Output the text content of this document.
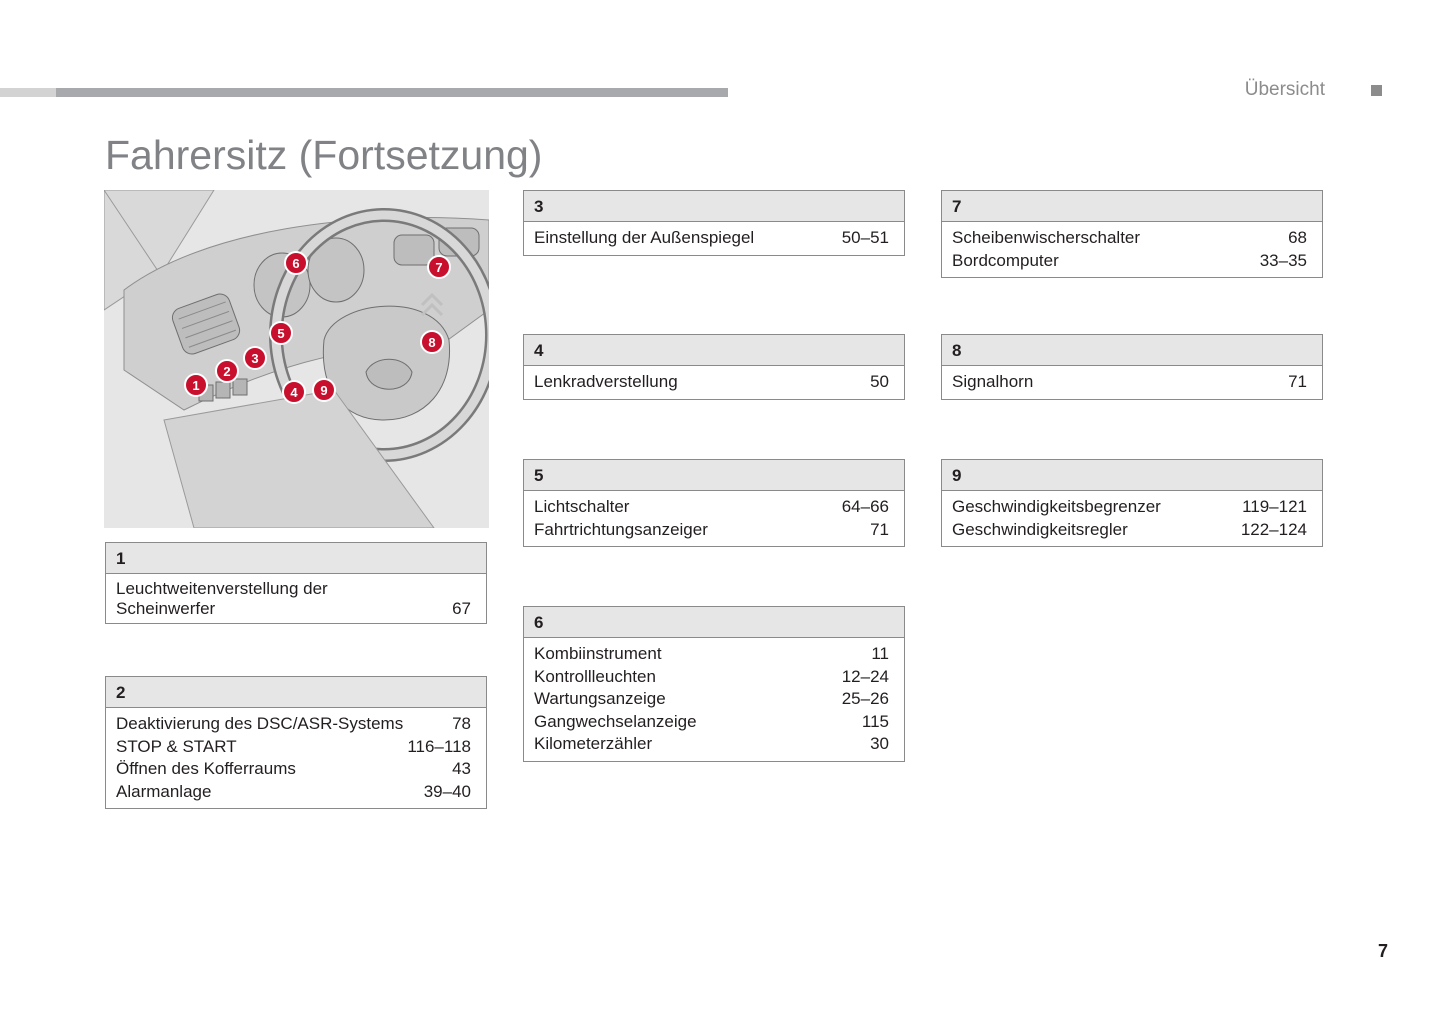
Übersicht
Fahrersitz (Fortsetzung)
1
2
3
4
5
6	7
8
9
1
Leuchtweitenverstellung der Scheinwerfer	67
2
Deaktivierung des DSC/ASR-Systems	78
STOP & START	116–118
Öffnen des Kofferraums	43
Alarmanlage	39–40
3
Einstellung der Außenspiegel	50–51
4
Lenkradverstellung	50
5
Lichtschalter	64–66
Fahrtrichtungsanzeiger	71
6
Kombiinstrument	11
Kontrollleuchten	12–24
Wartungsanzeige	25–26
Gangwechselanzeige	115
Kilometerzähler	30
7
Scheibenwischerschalter	68
Bordcomputer	33–35
8
Signalhorn	71
9
Geschwindigkeitsbegrenzer	119–121
Geschwindigkeitsregler	122–124
7
